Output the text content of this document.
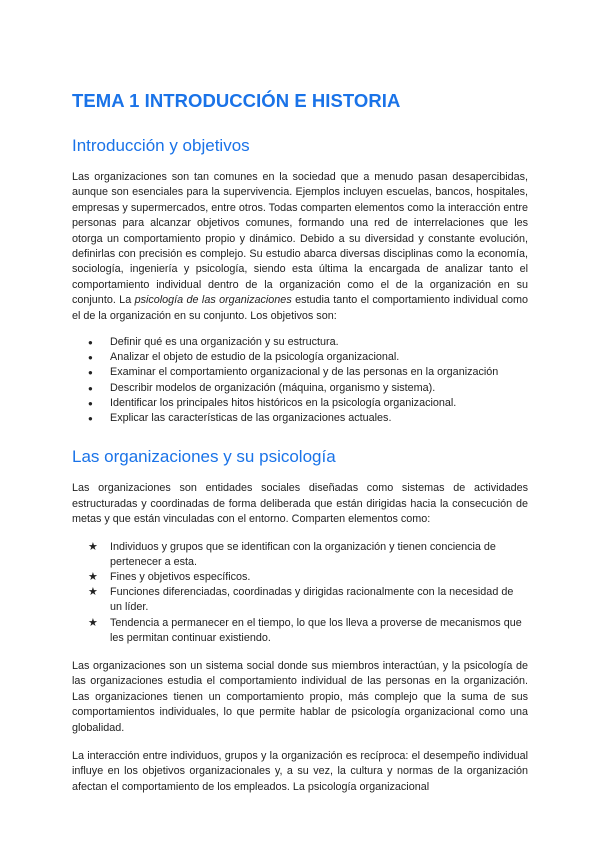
TEMA 1 INTRODUCCIÓN E HISTORIA
Introducción y objetivos

Las organizaciones son tan comunes en la sociedad que a menudo pasan desapercibidas, aunque son esenciales para la supervivencia. Ejemplos incluyen escuelas, bancos, hospitales, empresas y supermercados, entre otros. Todas comparten elementos como la interacción entre personas para alcanzar objetivos comunes, formando una red de interrelaciones que les otorga un comportamiento propio y dinámico. Debido a su diversidad y constante evolución, definirlas con precisión es complejo. Su estudio abarca diversas disciplinas como la economía, sociología, ingeniería y psicología, siendo esta última la encargada de analizar tanto el comportamiento individual dentro de la organización como el de la organización en su conjunto. La psicología de las organizaciones estudia tanto el comportamiento individual como el de la organización en su conjunto. Los objetivos son:

●	Definir qué es una organización y su estructura.
●	Analizar el objeto de estudio de la psicología organizacional.
●	Examinar el comportamiento organizacional y de las personas en la organización
●	Describir modelos de organización (máquina, organismo y sistema).
●	Identificar los principales hitos históricos en la psicología organizacional.
●	Explicar las características de las organizaciones actuales.
Las organizaciones y su psicología

Las organizaciones son entidades sociales diseñadas como sistemas de actividades estructuradas y coordinadas de forma deliberada que están dirigidas hacia la consecución de metas y que están vinculadas con el entorno. Comparten elementos como:

★	Individuos y grupos que se identifican con la organización y tienen conciencia de pertenecer a esta.
★	Fines y objetivos específicos.
★	Funciones diferenciadas, coordinadas y dirigidas racionalmente con la necesidad de un líder.
★	Tendencia a permanecer en el tiempo, lo que los lleva a proverse de mecanismos que les permitan continuar existiendo.

Las organizaciones son un sistema social donde sus miembros interactúan, y la psicología de las organizaciones estudia el comportamiento individual de las personas en la organización. Las organizaciones tienen un comportamiento propio, más complejo que la suma de sus comportamientos individuales, lo que permite hablar de psicología organizacional como una globalidad.

La interacción entre individuos, grupos y la organización es recíproca: el desempeño individual influye en los objetivos organizacionales y, a su vez, la cultura y normas de la organización afectan el comportamiento de los empleados. La psicología organizacional
